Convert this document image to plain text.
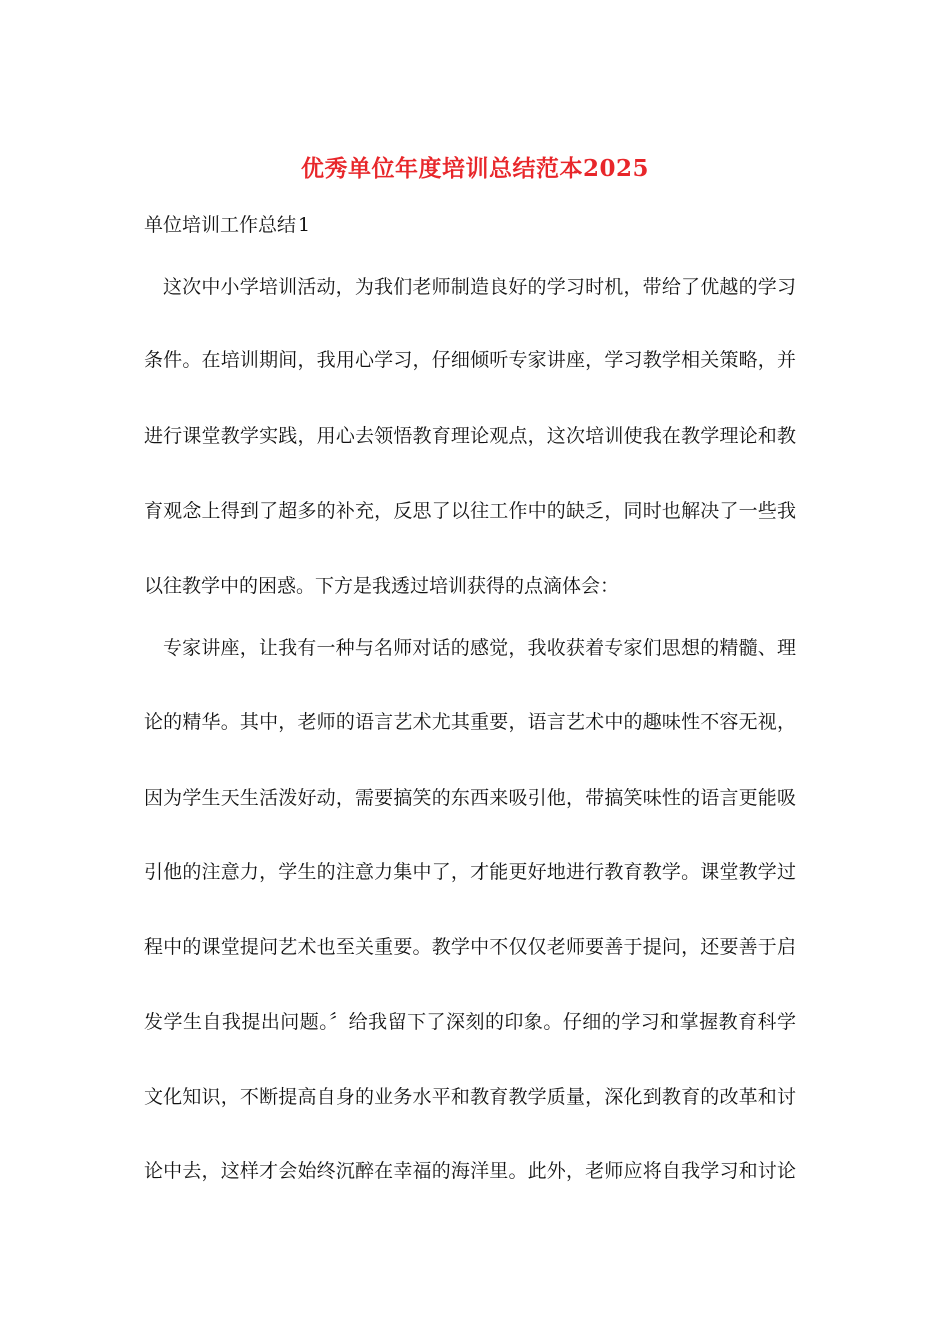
优秀单位年度培训总结范本2025
单位培训工作总结 1
这次中小学培训活动，为我们老师制造良好的学习时机，带给了优越的学习
条件。在培训期间，我用心学习，仔细倾听专家讲座，学习教学相关策略，并
进行课堂教学实践，用心去领悟教育理论观点，这次培训使我在教学理论和教
育观念上得到了超多的补充，反思了以往工作中的缺乏，同时也解决了一些我
以往教学中的困惑。下方是我透过培训获得的点滴体会：
专家讲座，让我有一种与名师对话的感觉，我收获着专家们思想的精髓、理
论的精华。其中，老师的语言艺术尤其重要，语言艺术中的趣味性不容无视，
因为学生天生活泼好动，需要搞笑的东西来吸引他，带搞笑味性的语言更能吸
引他的注意力，学生的注意力集中了，才能更好地进行教育教学。课堂教学过
程中的课堂提问艺术也至关重要。教学中不仅仅老师要善于提问，还要善于启
发学生自我提出问题。〞给我留下了深刻的印象。仔细的学习和掌握教育科学
文化知识，不断提高自身的业务水平和教育教学质量，深化到教育的改革和讨
论中去，这样才会始终沉醉在幸福的海洋里。此外，老师应将自我学习和讨论
